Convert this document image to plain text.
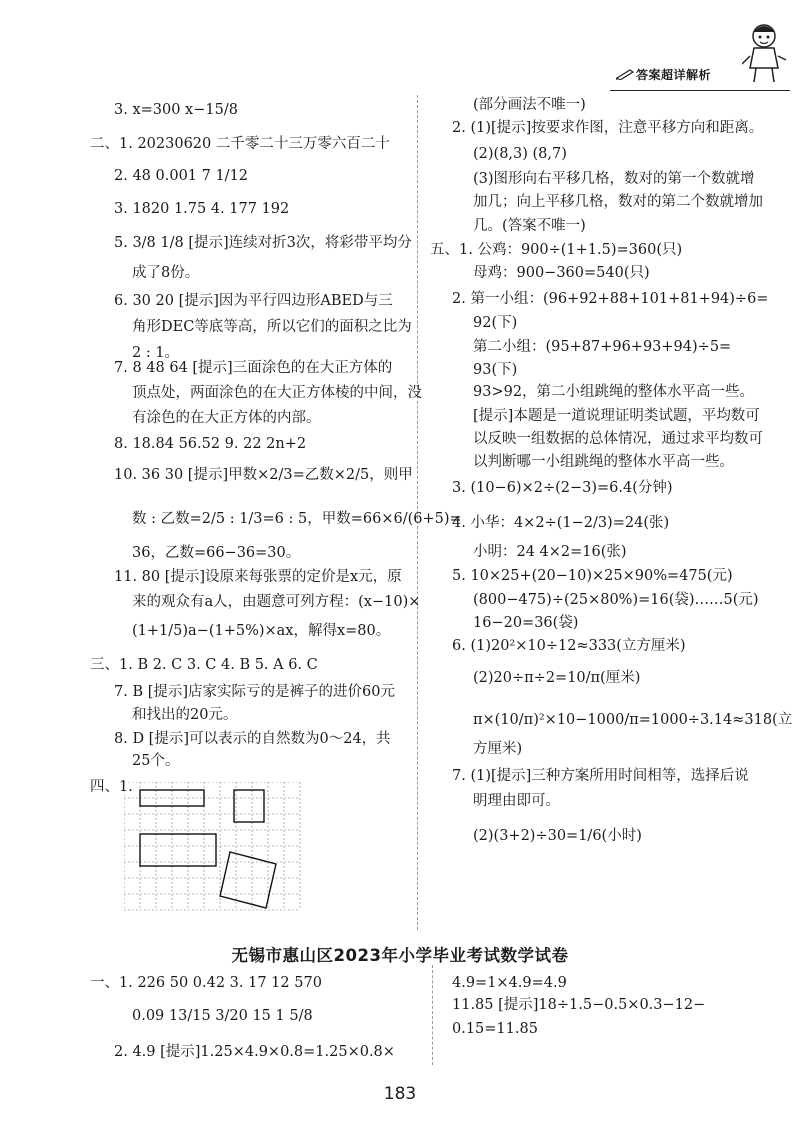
答案超详解析
3. x=300 x−15/8
二、1. 20230620 二千零二十三万零六百二十
2. 48 0.001 7 1/12
3. 1820 1.75 4. 177 192
5. 3/8 1/8 [提示]连续对折3次，将彩带平均分
成了8份。
6. 30 20 [提示]因为平行四边形ABED与三
角形DEC等底等高，所以它们的面积之比为
2 : 1。
7. 8 48 64 [提示]三面涂色的在大正方体的
顶点处，两面涂色的在大正方体棱的中间，没
有涂色的在大正方体的内部。
8. 18.84 56.52 9. 22 2n+2
10. 36 30 [提示]甲数×2/3=乙数×2/5，则甲
数 : 乙数=2/5 : 1/3=6 : 5，甲数=66×6/(6+5)=
36，乙数=66−36=30。
11. 80 [提示]设原来每张票的定价是x元，原
来的观众有a人，由题意可列方程：(x−10)×
(1+1/5)a−(1+5%)×ax，解得x=80。
三、1. B 2. C 3. C 4. B 5. A 6. C
7. B [提示]店家实际亏的是裤子的进价60元
和找出的20元。
8. D [提示]可以表示的自然数为0～24，共
25个。
四、1.
(部分画法不唯一)
2. (1)[提示]按要求作图，注意平移方向和距离。
(2)(8,3) (8,7)
(3)图形向右平移几格，数对的第一个数就增
加几；向上平移几格，数对的第二个数就增加
几。(答案不唯一)
五、1. 公鸡：900÷(1+1.5)=360(只)
母鸡：900−360=540(只)
2. 第一小组：(96+92+88+101+81+94)÷6=
92(下)
第二小组：(95+87+96+93+94)÷5=
93(下)
93>92，第二小组跳绳的整体水平高一些。
[提示]本题是一道说理证明类试题，平均数可
以反映一组数据的总体情况，通过求平均数可
以判断哪一小组跳绳的整体水平高一些。
3. (10−6)×2÷(2−3)=6.4(分钟)
4. 小华：4×2÷(1−2/3)=24(张)
小明：24 4×2=16(张)
5. 10×25+(20−10)×25×90%=475(元)
(800−475)÷(25×80%)=16(袋)……5(元)
16−20=36(袋)
6. (1)20²×10÷12≈333(立方厘米)
(2)20÷π÷2=10/π(厘米)
π×(10/π)²×10−1000/π=1000÷3.14≈318(立
方厘米)
7. (1)[提示]三种方案所用时间相等，选择后说
明理由即可。
(2)(3+2)÷30=1/6(小时)
无锡市惠山区2023年小学毕业考试数学试卷
一、1. 226 50 0.42 3. 17 12 570
0.09 13/15 3/20 15 1 5/8
2. 4.9 [提示]1.25×4.9×0.8=1.25×0.8×
4.9=1×4.9=4.9
11.85 [提示]18÷1.5−0.5×0.3−12−
0.15=11.85
183
